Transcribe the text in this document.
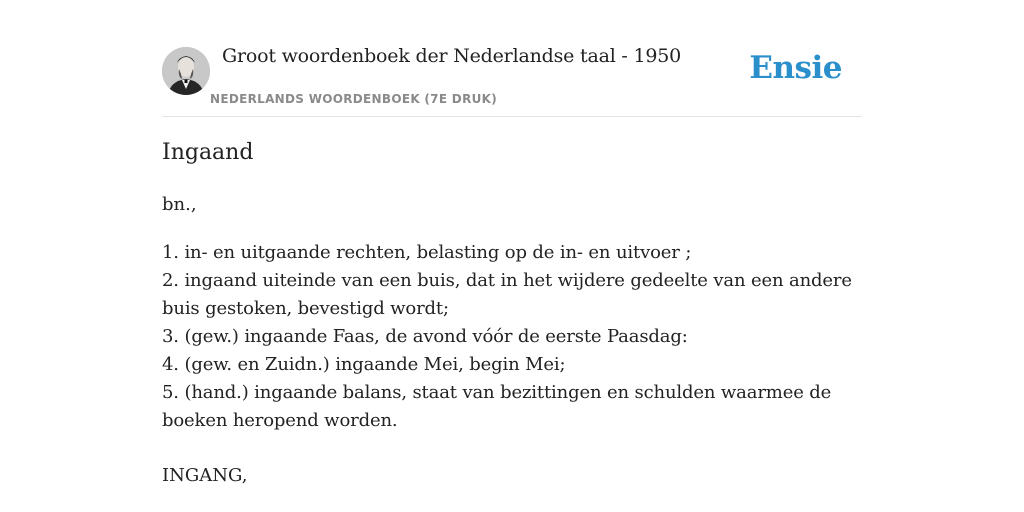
Groot woordenboek der Nederlandse taal - 1950
NEDERLANDS WOORDENBOEK (7E DRUK)
Ensie
Ingaand
bn.,
1. in- en uitgaande rechten, belasting op de in- en uitvoer ;
2. ingaand uiteinde van een buis, dat in het wijdere gedeelte van een andere buis gestoken, bevestigd wordt;
3. (gew.) ingaande Faas, de avond vóór de eerste Paasdag:
4. (gew. en Zuidn.) ingaande Mei, begin Mei;
5. (hand.) ingaande balans, staat van bezittingen en schulden waarmee de boeken heropend worden.
INGANG,
